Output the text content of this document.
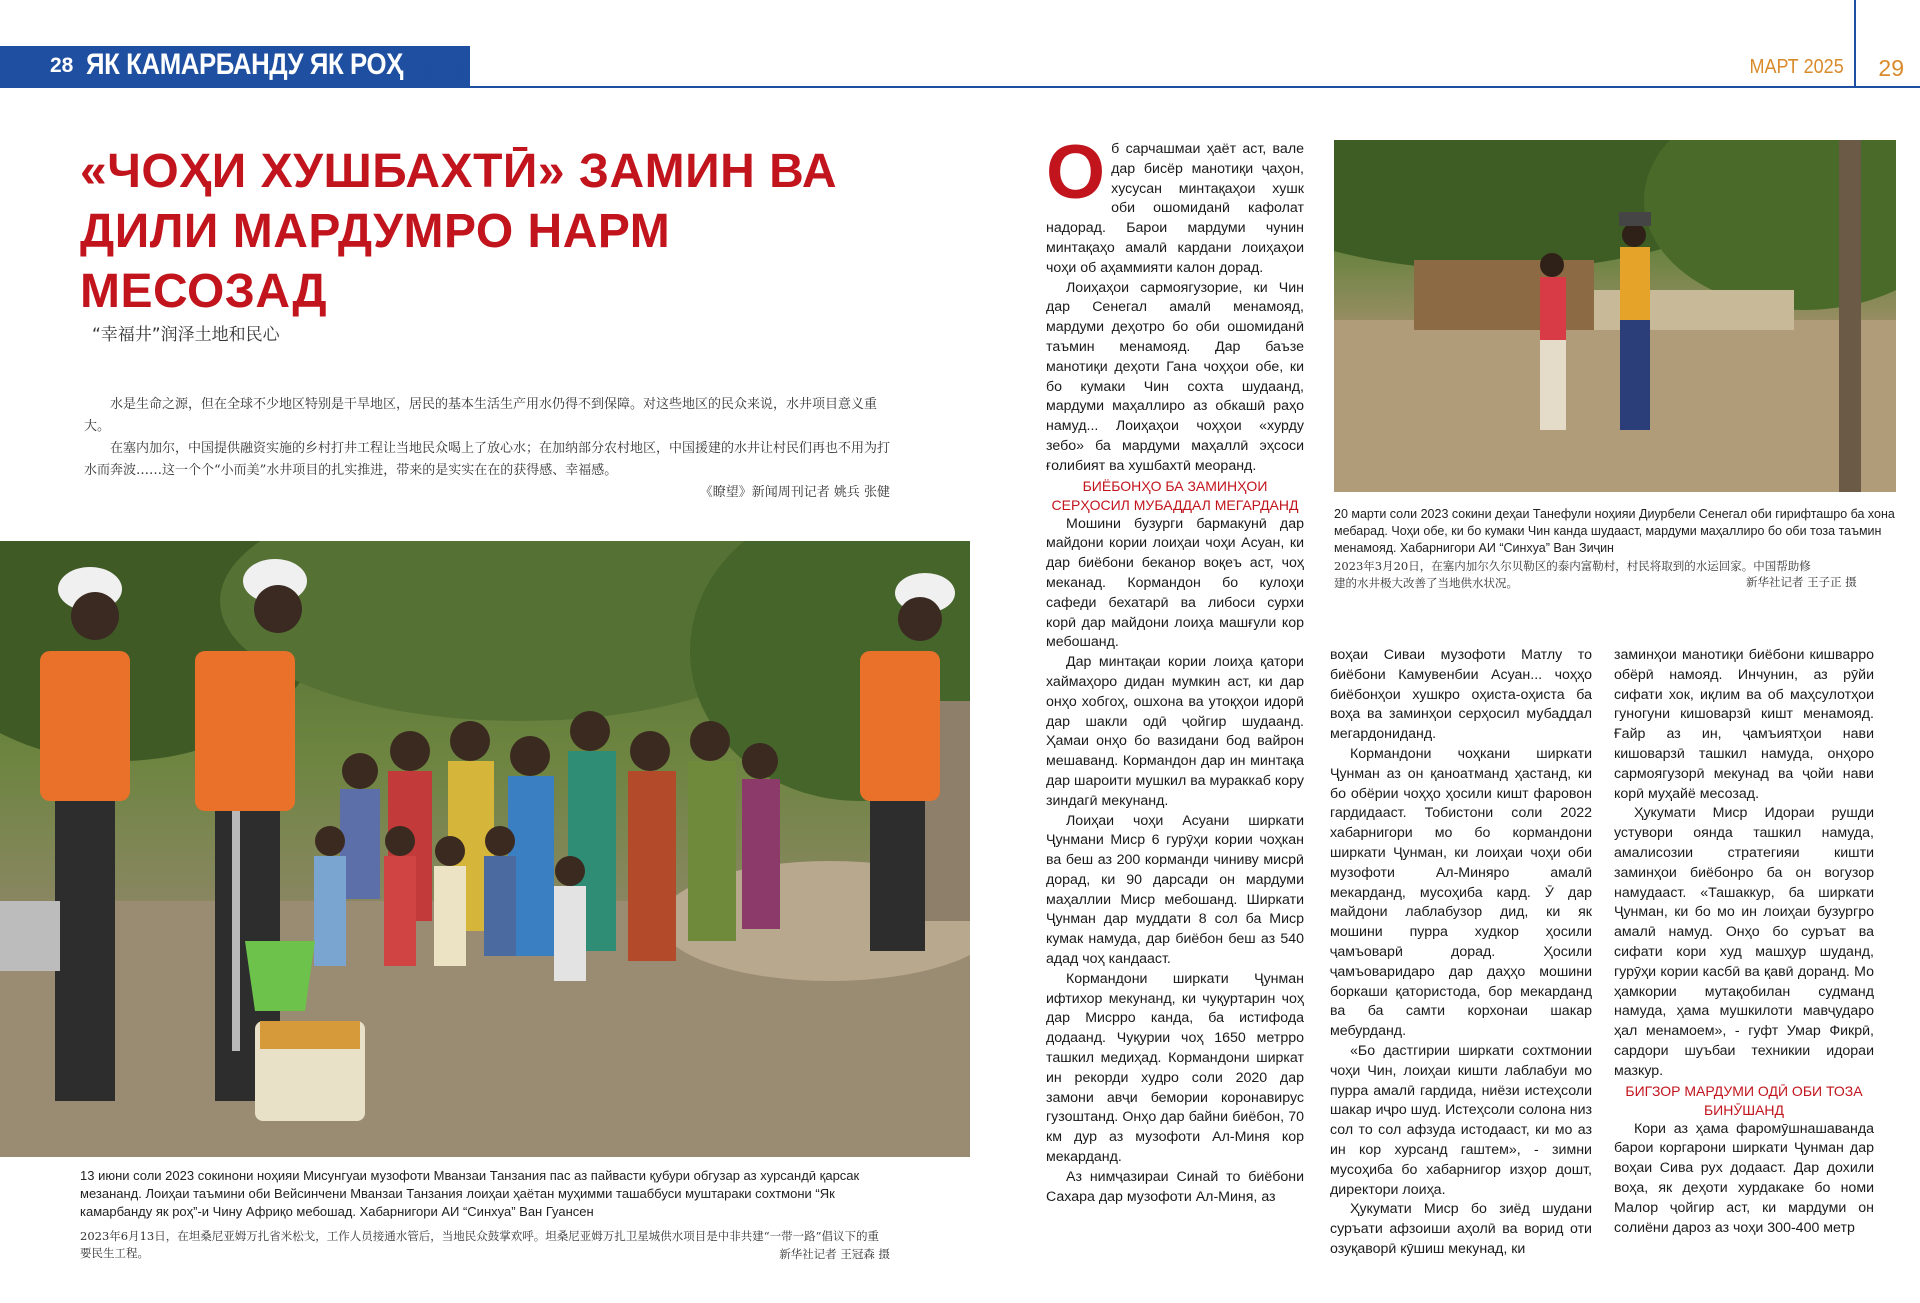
28 ЯК КАМАРБАНДУ ЯК РОҲ 一带一路
«ЧОҲИ ХУШБАХТӢ» ЗАМИН ВА ДИЛИ МАРДУМРО НАРМ МЕСОЗАД
“幸福井”润泽土地和民心

水是生命之源，但在全球不少地区特别是干旱地区，居民的基本生活生产用水仍得不到保障。对这些地区的民众来说，水井项目意义重大。

在塞内加尔，中国提供融资实施的乡村打井工程让当地民众喝上了放心水；在加纳部分农村地区，中国援建的水井让村民们再也不用为打水而奔波……这一个个“小而美”水井项目的扎实推进，带来的是实实在在的获得感、幸福感。

《瞭望》新闻周刊记者 姚兵 张健
13 июни соли 2023 сокинони ноҳияи Мисунгуаи музофоти Мванзаи Танзания пас аз пайвасти қубури обгузар аз хурсандӣ қарсак мезананд. Лоиҳаи таъмини оби Вейсинчени Мванзаи Танзания лоиҳаи ҳаётан муҳимми ташаббуси муштараки сохтмони “Як камарбанду як роҳ”-и Чину Африқо мебошад. Хабарнигори АИ “Синхуа” Ван Гуансен
2023年6月13日，在坦桑尼亚姆万扎省米松戈，工作人员接通水管后，当地民众鼓掌欢呼。坦桑尼亚姆万扎卫星城供水项目是中非共建“一带一路”倡议下的重要民生工程。	新华社记者 王冠森 摄
МАРТ 2025 29

Об сарчашмаи ҳаёт аст, вале дар бисёр манотиқи ҷаҳон, хусусан минтақаҳои хушк оби ошомиданӣ кафолат надорад. Барои мардуми чунин минтақаҳо амалӣ кардани лоиҳаҳои чоҳи об аҳаммияти калон дорад.

Лоиҳаҳои сармоягузорие, ки Чин дар Сенегал амалӣ менамояд, мардуми деҳотро бо оби ошомиданӣ таъмин менамояд. Дар баъзе манотиқи деҳоти Гана чоҳҳои обе, ки бо кумаки Чин сохта шудаанд, мардуми маҳаллиро аз обкашӣ раҳо намуд... Лоиҳаҳои чоҳҳои «хурду зебо» ба мардуми маҳаллӣ эҳсоси ғолибият ва хушбахтӣ меоранд.

БИЁБОНҲО БА ЗАМИНҲОИ СЕРҲОСИЛ МУБАДДАЛ МЕГАРДАНД

Мошини бузурги бармакунӣ дар майдони кории лоиҳаи чоҳи Асуан, ки дар биёбони беканор воқеъ аст, чоҳ меканад. Кормандон бо кулоҳи сафеди бехатарӣ ва либоси сурхи корӣ дар майдони лоиҳа машғули кор мебошанд.

Дар минтақаи кории лоиҳа қатори хаймаҳоро дидан мумкин аст, ки дар онҳо хобгоҳ, ошхона ва утоқҳои идорӣ дар шакли одӣ ҷойгир шудаанд. Ҳамаи онҳо бо вазидани бод вайрон мешаванд. Кормандон дар ин минтақа дар шароити мушкил ва мураккаб кору зиндагӣ мекунанд.

Лоиҳаи чоҳи Асуани ширкати Ҷунмани Миср 6 гурӯҳи кории чоҳкан ва беш аз 200 корманди чиниву мисрӣ дорад, ки 90 дарсади он мардуми маҳаллии Миср мебошанд. Ширкати Ҷунман дар муддати 8 сол ба Миср кумак намуда, дар биёбон беш аз 540 адад чоҳ кандааст.

Кормандони ширкати Ҷунман ифтихор мекунанд, ки чуқуртарин чоҳ дар Мисрро канда, ба истифода додаанд. Чуқурии чоҳ 1650 метрро ташкил медиҳад. Кормандони ширкат ин рекорди худро соли 2020 дар замони авҷи бемории коронавирус гузоштанд. Онҳо дар байни биёбон, 70 км дур аз музофоти Ал-Миня кор мекарданд.

Аз нимҷазираи Синай то биёбони Сахара дар музофоти Ал-Миня, аз

20 марти соли 2023 сокини деҳаи Танефули ноҳияи Диурбели Сенегал оби гирифташро ба хона мебарад. Чоҳи обе, ки бо кумаки Чин канда шудааст, мардуми маҳаллиро бо оби тоза таъмин менамояд. Хабарнигори АИ “Синхуа” Ван Зиҷин
2023年3月20日，在塞内加尔久尔贝勒区的泰内富勒村，村民将取到的水运回家。中国帮助修建的水井极大改善了当地供水状况。	新华社记者 王子正 摄

воҳаи Сиваи музофоти Матлу то биёбони Камувенбии Асуан... чоҳҳо биёбонҳои хушкро оҳиста-оҳиста ба воҳа ва заминҳои серҳосил мубаддал мегардониданд.

Кормандони чоҳкани ширкати Ҷунман аз он қаноатманд ҳастанд, ки бо обёрии чоҳҳо ҳосили кишт фаровон гардидааст. Тобистони соли 2022 хабарнигори мо бо кормандони ширкати Ҷунман, ки лоиҳаи чоҳи оби музофоти Ал-Миняро амалӣ мекарданд, мусоҳиба кард. Ӯ дар майдони лаблабузор дид, ки як мошини пурра худкор ҳосили ҷамъоварӣ дорад. Ҳосили ҷамъоваридаро дар даҳҳо мошини боркаши қатористода, бор мекарданд ва ба самти корхонаи шакар мебурданд.

«Бо дастгирии ширкати сохтмонии чоҳи Чин, лоиҳаи кишти лаблабуи мо пурра амалӣ гардида, ниёзи истеҳсоли шакар иҷро шуд. Истеҳсоли солона низ сол то сол афзуда истодааст, ки мо аз ин кор хурсанд гаштем», - зимни мусоҳиба бо хабарнигор изҳор дошт, директори лоиҳа.

Ҳукумати Миср бо зиёд шудани суръати афзоиши аҳолӣ ва ворид оти озуқаворӣ кӯшиш мекунад, ки

заминҳои манотиқи биёбони кишварро обёрӣ намояд. Инчунин, аз рӯйи сифати хок, иқлим ва об маҳсулотҳои гуногуни кишоварзӣ кишт менамояд. Ғайр аз ин, ҷамъиятҳои нави кишоварзӣ ташкил намуда, онҳоро сармоягузорӣ мекунад ва ҷойи нави корӣ муҳайё месозад.

Ҳукумати Миср Идораи рушди устувори оянда ташкил намуда, амалисозии стратегияи кишти заминҳои биёбонро ба он вогузор намудааст. «Ташаккур, ба ширкати Ҷунман, ки бо мо ин лоиҳаи бузургро амалӣ намуд. Онҳо бо суръат ва сифати кори худ машҳур шуданд, гурӯҳи кории касбӣ ва қавӣ доранд. Мо ҳамкории мутақобилан судманд намуда, ҳама мушкилоти мавҷударо ҳал менамоем», - гуфт Умар Фикрӣ, сардори шуъбаи техникии идораи мазкур.

БИГЗОР МАРДУМИ ОДӢ ОБИ ТОЗА БИНӮШАНД

Кори аз ҳама фаромӯшнашаванда барои коргарони ширкати Ҷунман дар воҳаи Сива рух додааст. Дар дохили воҳа, як деҳоти хурдакаке бо номи Малор ҷойгир аст, ки мардуми он солиёни дароз аз чоҳи 300-400 метр
